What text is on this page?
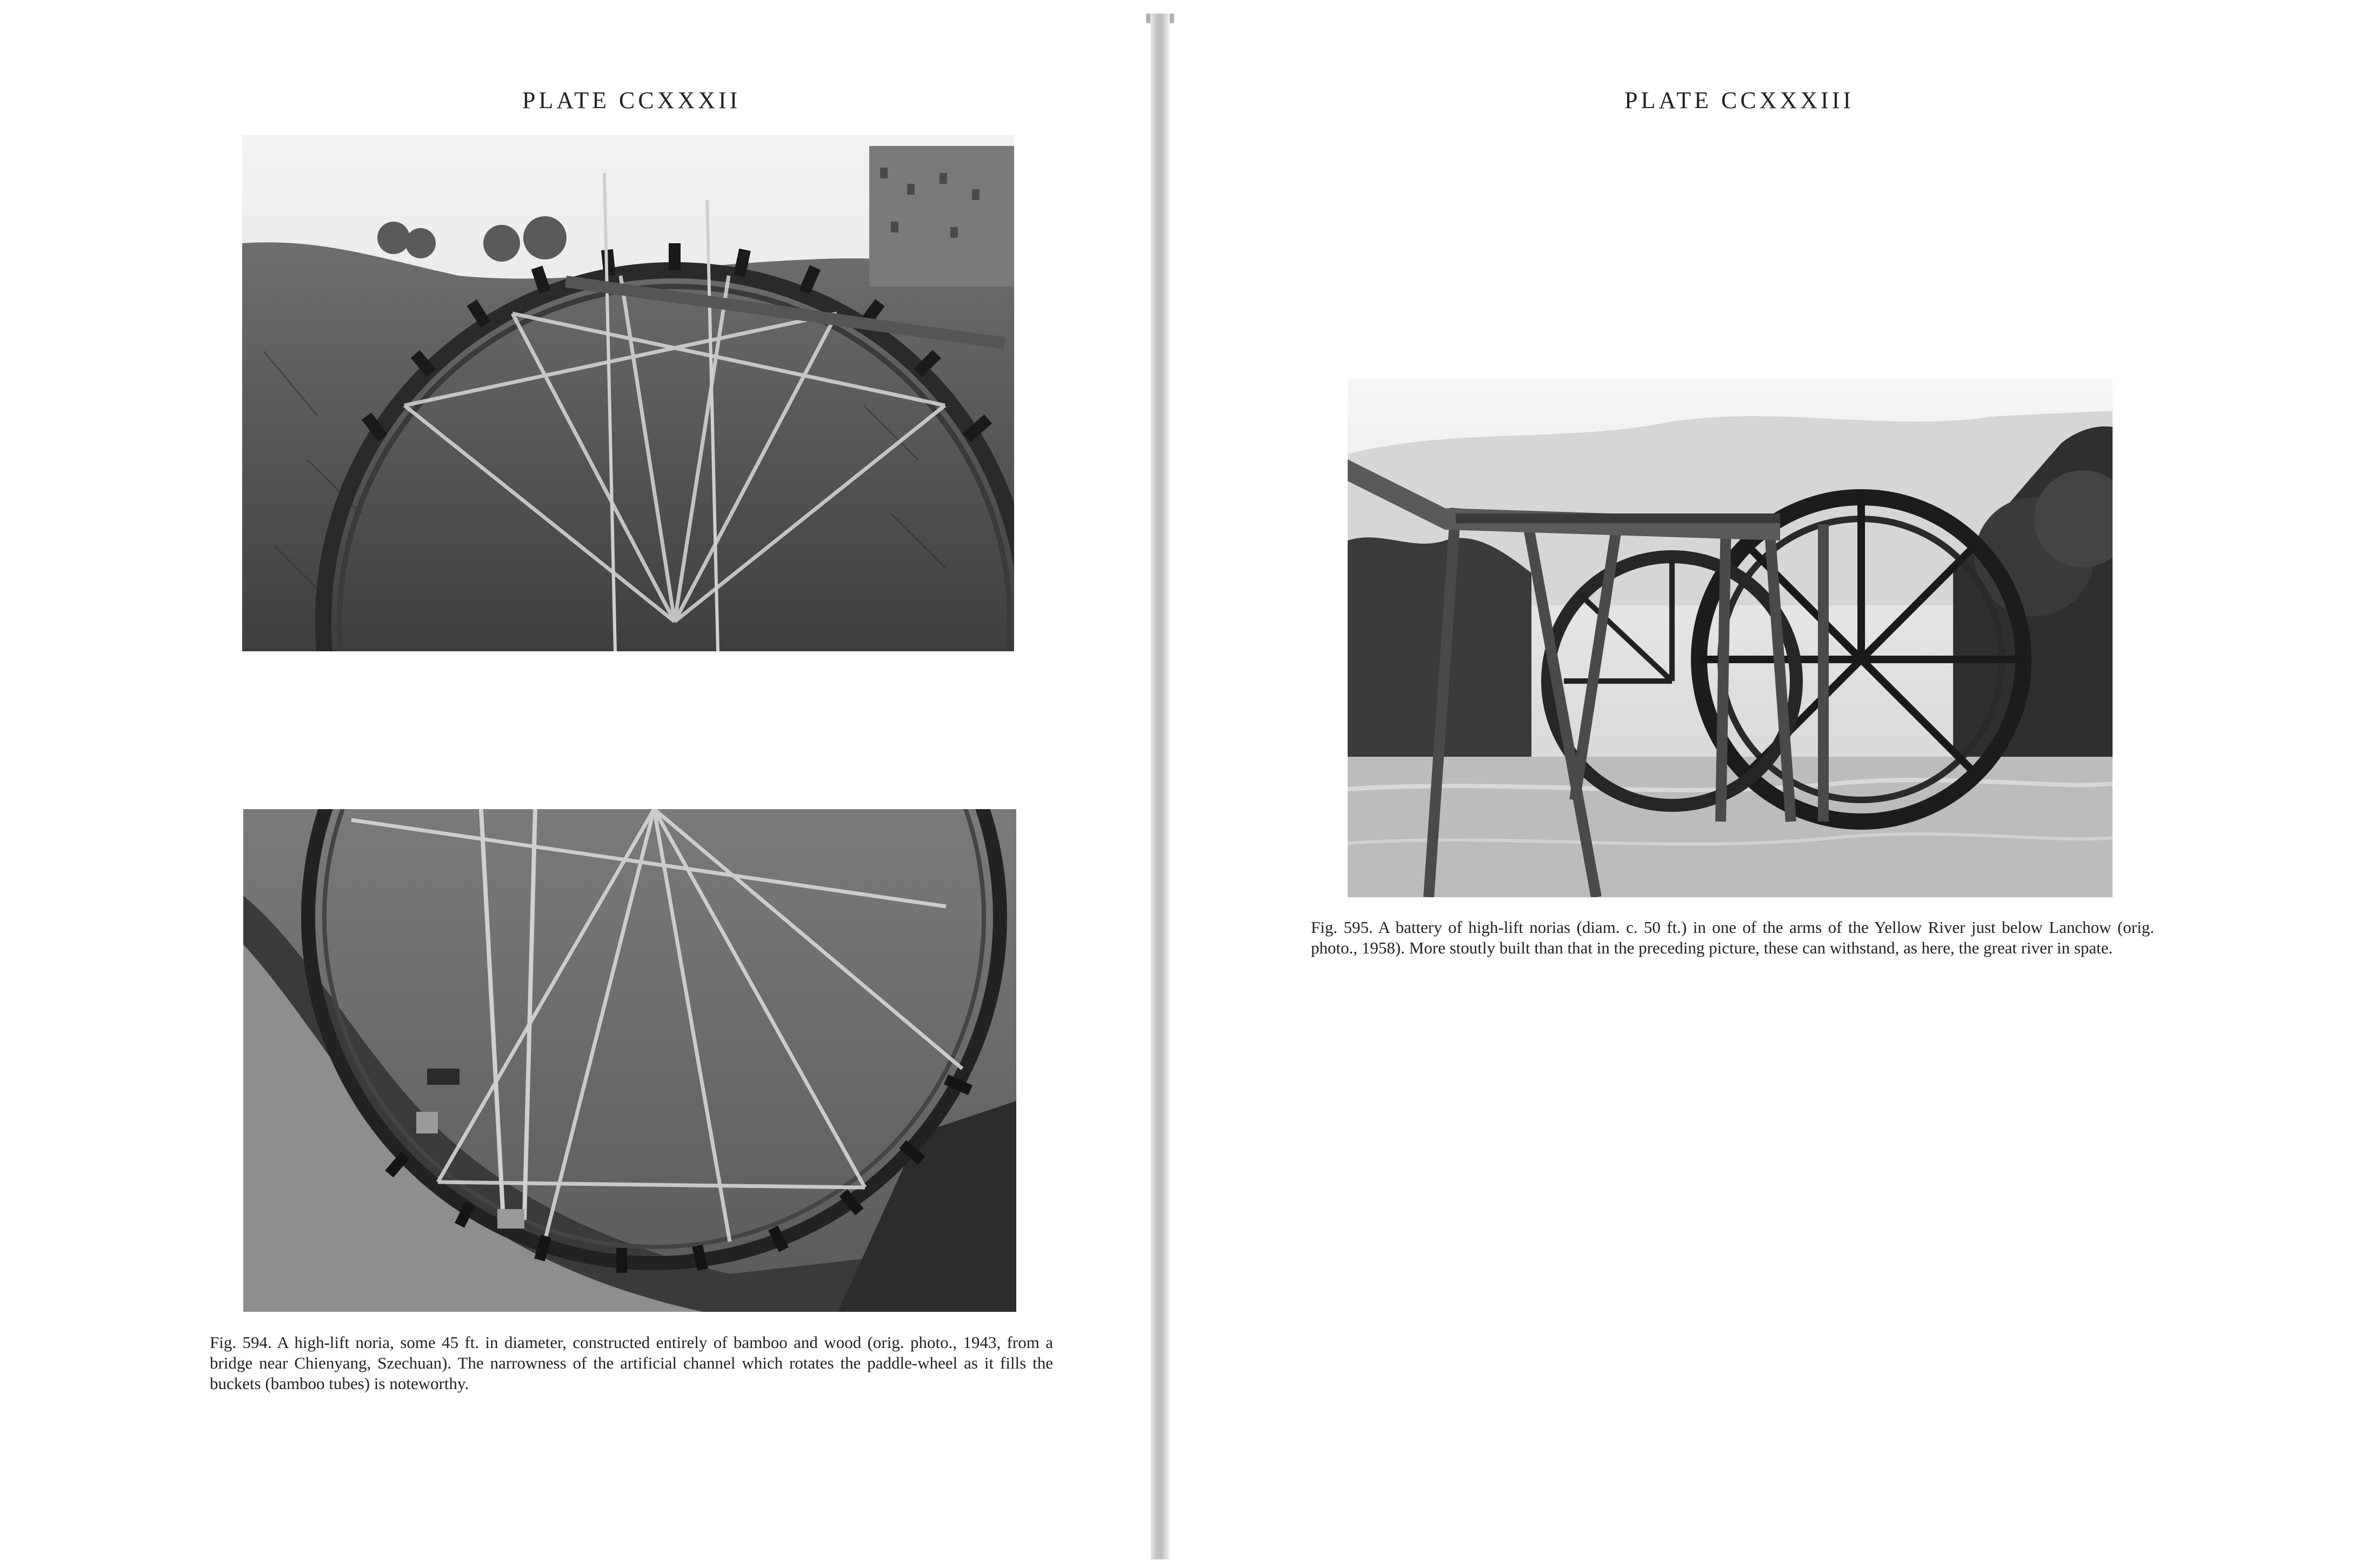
PLATE CCXXXII
Fig. 594. A high-lift noria, some 45 ft. in diameter, constructed entirely of bamboo and wood (orig. photo., 1943, from a bridge near Chienyang, Szechuan). The narrowness of the artificial channel which rotates the paddle-wheel as it fills the buckets (bamboo tubes) is noteworthy.
PLATE CCXXXIII
Fig. 595. A battery of high-lift norias (diam. c. 50 ft.) in one of the arms of the Yellow River just below Lanchow (orig. photo., 1958). More stoutly built than that in the preceding picture, these can withstand, as here, the great river in spate.
